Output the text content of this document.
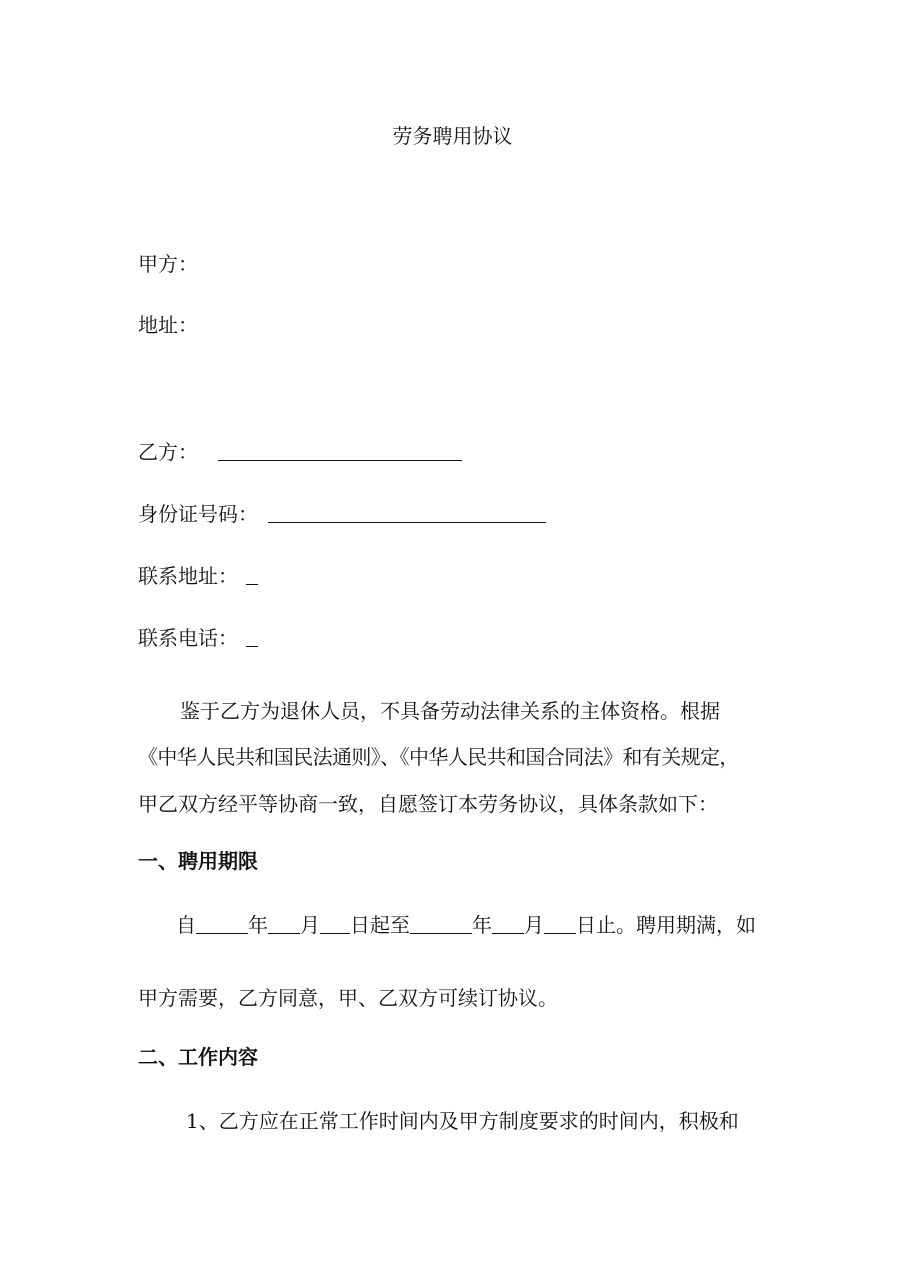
劳务聘用协议
甲方：
地址：
乙方：
身份证号码：
联系地址：
联系电话：
鉴于乙方为退休人员，不具备劳动法律关系的主体资格。根据
《中华人民共和国民法通则》、《中华人民共和国合同法》和有关规定，
甲乙双方经平等协商一致，自愿签订本劳务协议，具体条款如下：
一、聘用期限
自	年 月 日起至	年 月 日止。聘用期满，如
甲方需要，乙方同意，甲、乙双方可续订协议。
二、工作内容
1、乙方应在正常工作时间内及甲方制度要求的时间内，积极和
